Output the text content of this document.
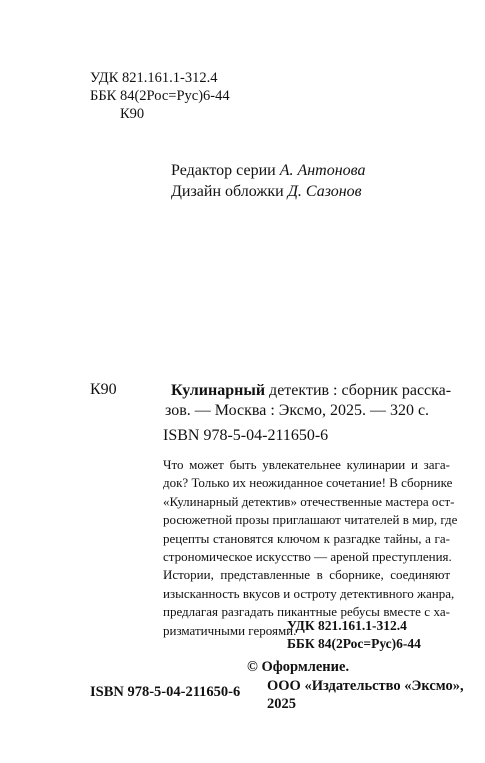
УДК 821.161.1-312.4
ББК 84(2Рос=Рус)6-44
К90
Редактор серии А. Антонова
Дизайн обложки Д. Сазонов
К90	Кулинарный детектив : сборник расска-
зов. — Москва : Эксмо, 2025. — 320 с.
ISBN 978-5-04-211650-6
Что может быть увлекательнее кулинарии и зага-
док? Только их неожиданное сочетание! В сборнике
«Кулинарный детектив» отечественные мастера ост-
росюжетной прозы приглашают читателей в мир, где
рецепты становятся ключом к разгадке тайны, а га-
строномическое искусство — ареной преступления.
Истории, представленные в сборнике, соединяют
изысканность вкусов и остроту детективного жанра,
предлагая разгадать пикантные ребусы вместе с ха-
ризматичными героями.
УДК 821.161.1-312.4
ББК 84(2Рос=Рус)6-44
© Оформление.
ООО «Издательство «Эксмо»,
2025
ISBN 978-5-04-211650-6
